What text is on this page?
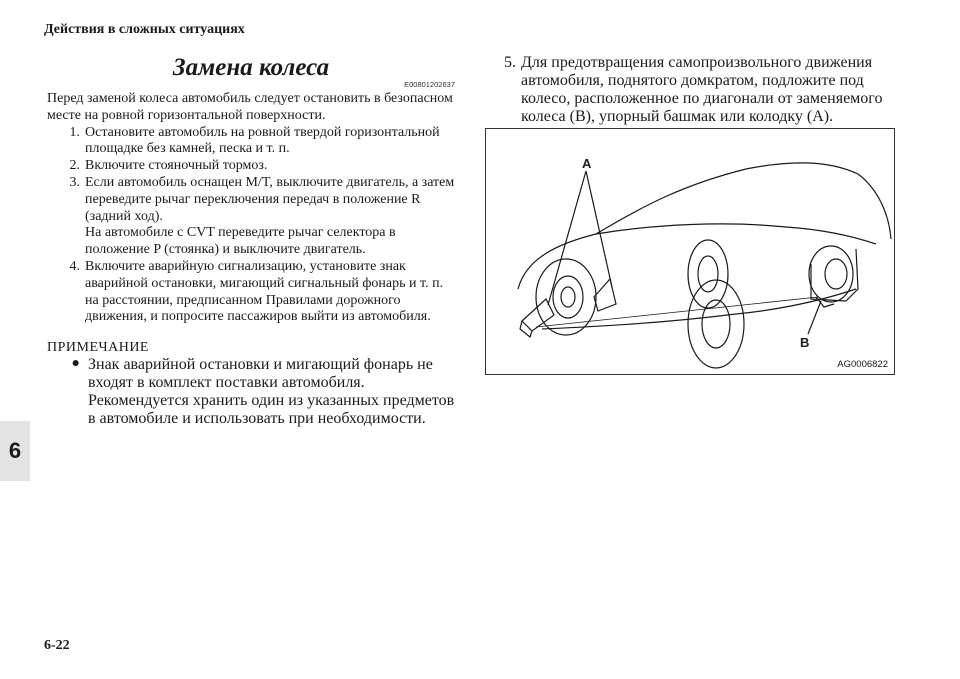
Действия в сложных ситуациях
Замена колеса
E00801202637

Перед заменой колеса автомобиль следует остановить в безопасном месте на ровной горизонтальной поверхности.

1. Остановите автомобиль на ровной твердой горизонтальной площадке без камней, песка и т. п.
2. Включите стояночный тормоз.
3. Если автомобиль оснащен M/T, выключите двигатель, а затем переведите рычаг переключения передач в положение R (задний ход).
На автомобиле с CVT переведите рычаг селектора в положение P (стоянка) и выключите двигатель.
4. Включите аварийную сигнализацию, установите знак аварийной остановки, мигающий сигнальный фонарь и т. п. на расстоянии, предписанном Правилами дорожного движения, и попросите пассажиров выйти из автомобиля.
ПРИМЕЧАНИЕ
● Знак аварийной остановки и мигающий фонарь не входят в комплект поставки автомобиля. Рекомендуется хранить один из указанных предметов в автомобиле и использовать при необходимости.
6
5. Для предотвращения самопроизвольного движения автомобиля, поднятого домкратом, подложите под колесо, расположенное по диагонали от заменяемого колеса (B), упорный башмак или колодку (A).
A
B
AG0006822
6-22
